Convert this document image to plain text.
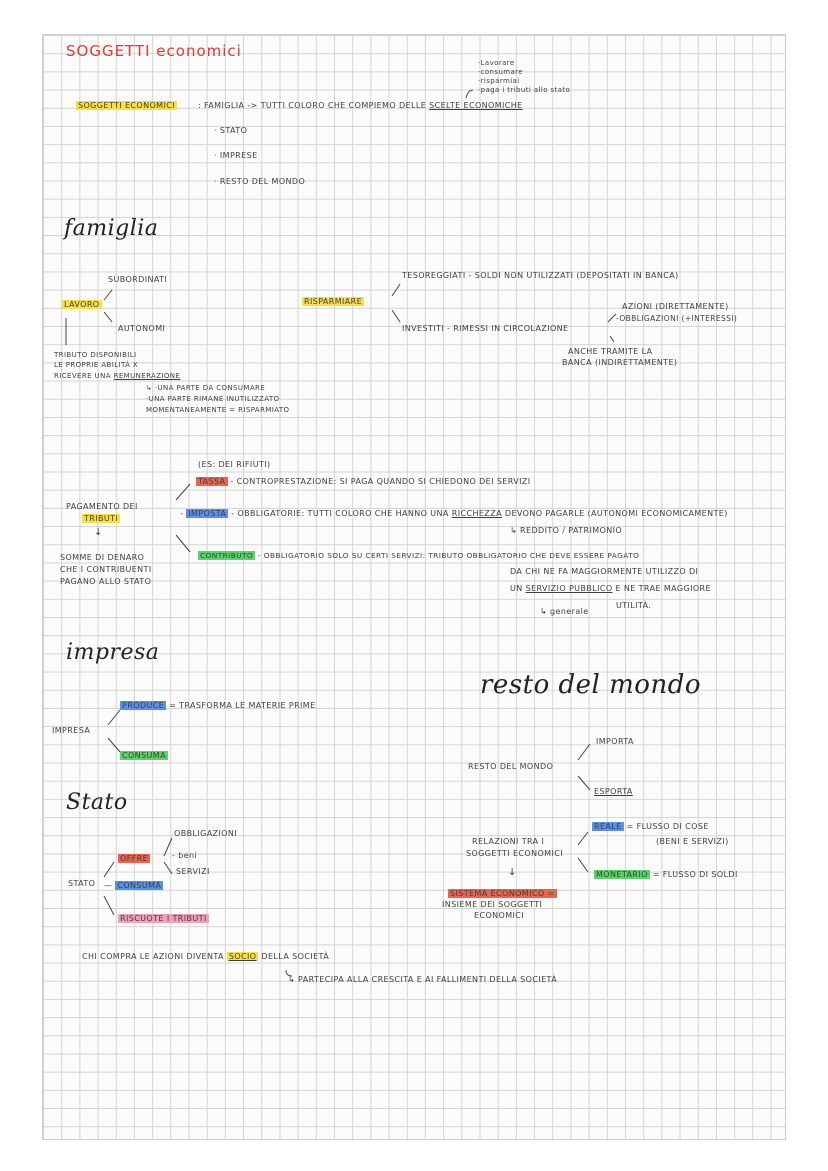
SOGGETTI economici
·Lavorare
·consumare
·risparmiai
·paga i tributi allo stato
SOGGETTI ECONOMICI	: FAMIGLIA -> TUTTI COLORO CHE COMPIEMO DELLE SCELTE ECONOMICHE
· STATO
· IMPRESE
· RESTO DEL MONDO
famiglia
SUBORDINATI
LAVORO
AUTONOMI
TRIBUTO DISPONIBILI
LE PROPRIE ABILITÀ X
RICEVERE UNA REMUNERAZIONE
↳ ·UNA PARTE DA CONSUMARE
·UNA PARTE RIMANE INUTILIZZATO
MOMENTANEAMENTE = RISPARMIATO
TESOREGGIATI - SOLDI NON UTILIZZATI (DEPOSITATI IN BANCA)
RISPARMIARE
INVESTITI - RIMESSI IN CIRCOLAZIONE
AZIONI (DIRETTAMENTE)
-OBBLIGAZIONI (+INTERESSI)
ANCHE TRAMITE LA
BANCA (INDIRETTAMENTE)
(ES: DEI RIFIUTI)
TASSA - CONTROPRESTAZIONE: SI PAGA QUANDO SI CHIEDONO DEI SERVIZI
PAGAMENTO DEI
TRIBUTI
↓
- IMPOSTA - OBBLIGATORIE: TUTTI COLORO CHE HANNO UNA RICCHEZZA DEVONO PAGARLE (AUTONOMI ECONOMICAMENTE)
↳ REDDITO / PATRIMONIO
SOMME DI DENARO
CHE I CONTRIBUENTI
PAGANO ALLO STATO
CONTRIBUTO - OBBLIGATORIO SOLO SU CERTI SERVIZI: TRIBUTO OBBLIGATORIO CHE DEVE ESSERE PAGATO
DA CHI NE FA MAGGIORMENTE UTILIZZO DI
UN SERVIZIO PUBBLICO E NE TRAE MAGGIORE
UTILITÀ.
↳ generale
impresa
PRODUCE = TRASFORMA LE MATERIE PRIME
IMPRESA
CONSUMA
resto del mondo
IMPORTA
RESTO DEL MONDO
ESPORTA
Stato
OBBLIGAZIONI
- beni
SERVIZI
OFFRE
STATO — CONSUMA
RISCUOTE I TRIBUTI
REALE = FLUSSO DI COSE
(BENI E SERVIZI)
RELAZIONI TRA I
SOGGETTI ECONOMICI
MONETARIO = FLUSSO DI SOLDI
↓
SISTEMA ECONOMICO =
INSIEME DEI SOGGETTI
ECONOMICI
CHI COMPRA LE AZIONI DIVENTA SOCIO DELLA SOCIETÀ
↳ PARTECIPA ALLA CRESCITA E AI FALLIMENTI DELLA SOCIETÀ
